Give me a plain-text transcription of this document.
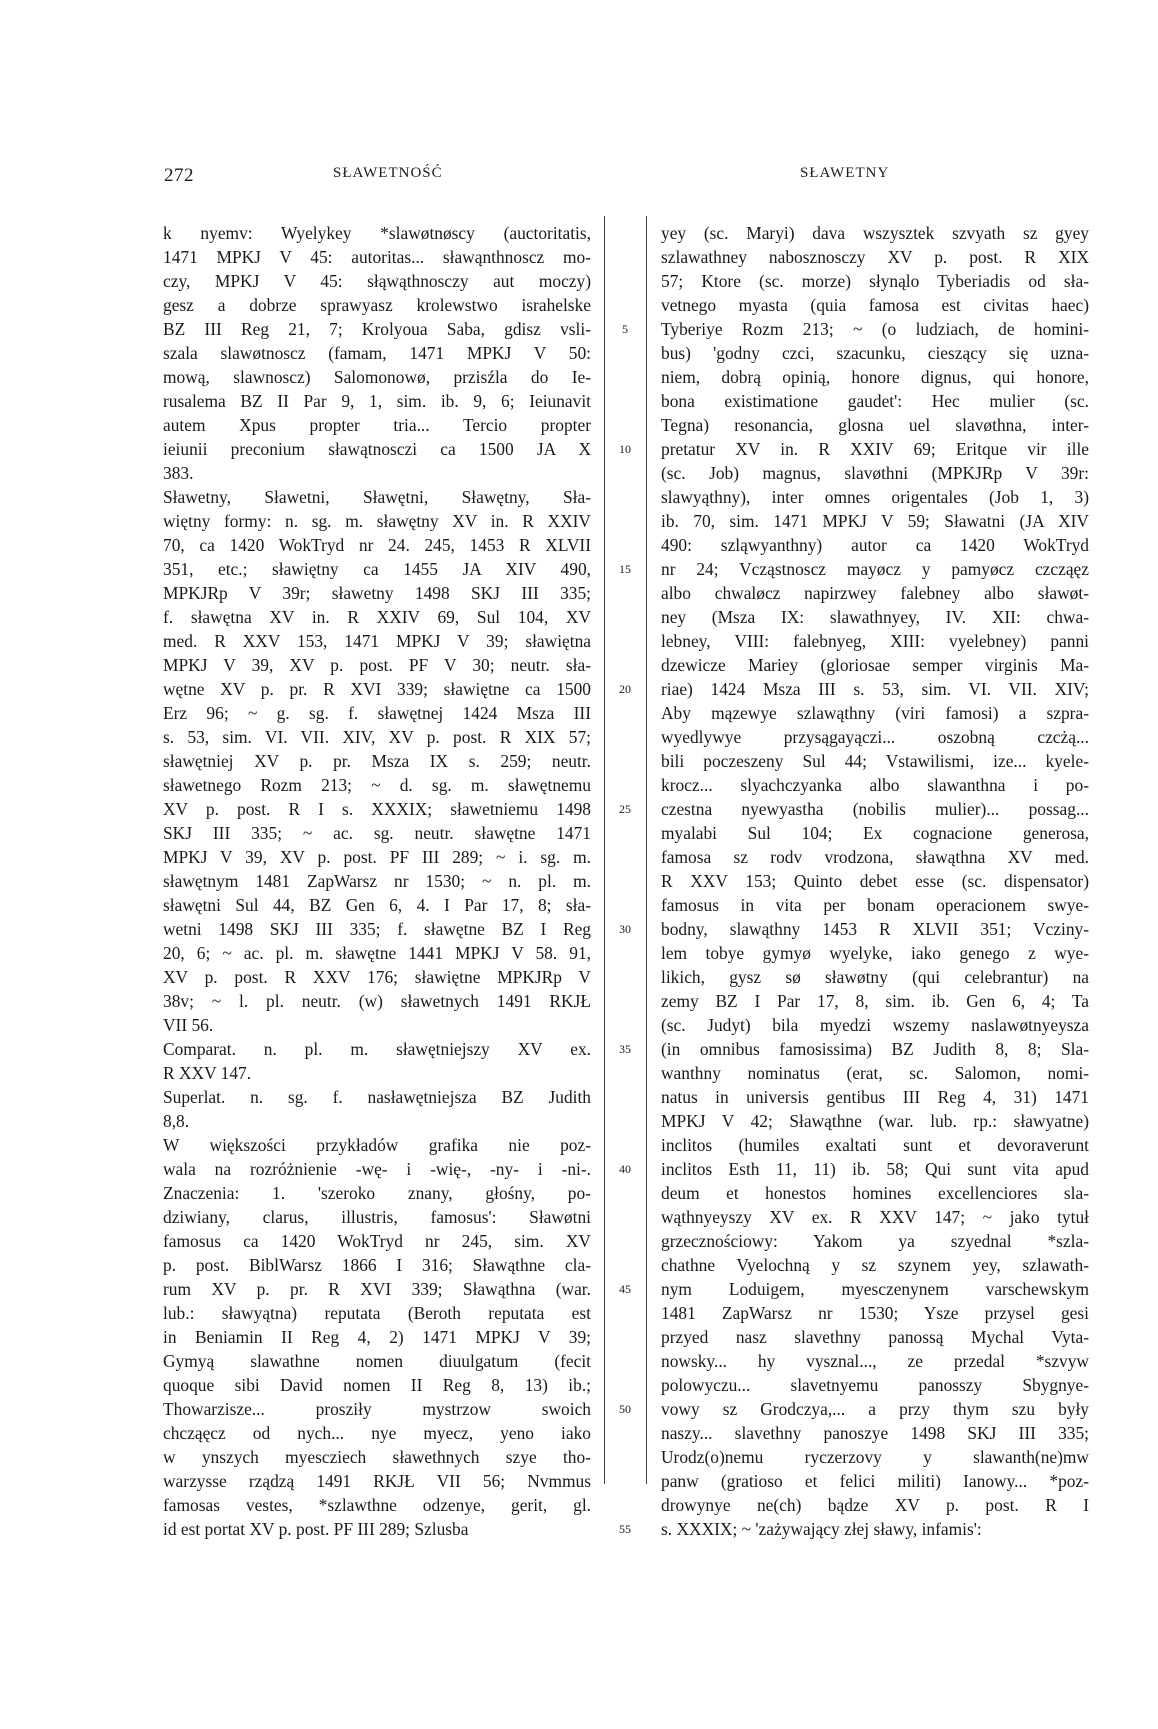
272	SŁAWETNOŚĆ	SŁAWETNY
k nyemv: Wyelykey *slawøtnøscy (auctoritatis,
1471 MPKJ V 45: autoritas... sławąnthnoscz mo-
czy, MPKJ V 45: słąwąthnosczy aut moczy)
gesz a dobrze sprawyasz krolewstwo israhelske
BZ III Reg 21, 7; Krolyoua Saba, gdisz vsli-
szala slawøtnoscz (famam, 1471 MPKJ V 50:
mową, slawnoscz) Salomonowø, przisźla do Ie-
rusalema BZ II Par 9, 1, sim. ib. 9, 6; Ieiunavit
autem Xpus propter tria... Tercio propter
ieiunii preconium sławątnosczi ca 1500 JA X
383.
Sławetny, Sławetni, Sławętni, Sławętny, Sła-
więtny formy: n. sg. m. sławętny XV in. R XXIV
70, ca 1420 WokTryd nr 24. 245, 1453 R XLVII
351, etc.; sławiętny ca 1455 JA XIV 490,
MPKJRp V 39r; sławetny 1498 SKJ III 335;
f. sławętna XV in. R XXIV 69, Sul 104, XV
med. R XXV 153, 1471 MPKJ V 39; sławiętna
MPKJ V 39, XV p. post. PF V 30; neutr. sła-
wętne XV p. pr. R XVI 339; sławiętne ca 1500
Erz 96; ~ g. sg. f. sławętnej 1424 Msza III
s. 53, sim. VI. VII. XIV, XV p. post. R XIX 57;
sławętniej XV p. pr. Msza IX s. 259; neutr.
sławetnego Rozm 213; ~ d. sg. m. sławętnemu
XV p. post. R I s. XXXIX; sławetniemu 1498
SKJ III 335; ~ ac. sg. neutr. sławętne 1471
MPKJ V 39, XV p. post. PF III 289; ~ i. sg. m.
sławętnym 1481 ZapWarsz nr 1530; ~ n. pl. m.
sławętni Sul 44, BZ Gen 6, 4. I Par 17, 8; sła-
wetni 1498 SKJ III 335; f. sławętne BZ I Reg
20, 6; ~ ac. pl. m. sławętne 1441 MPKJ V 58. 91,
XV p. post. R XXV 176; sławiętne MPKJRp V
38v; ~ l. pl. neutr. (w) sławetnych 1491 RKJŁ
VII 56.
Comparat. n. pl. m. sławętniejszy XV ex.
R XXV 147.
Superlat. n. sg. f. nasławętniejsza BZ Judith
8,8.
W większości przykładów grafika nie poz-
wala na rozróżnienie -wę- i -wię-, -ny- i -ni-.
Znaczenia: 1. 'szeroko znany, głośny, po-
dziwiany, clarus, illustris, famosus': Sławøtni
famosus ca 1420 WokTryd nr 245, sim. XV
p. post. BiblWarsz 1866 I 316; Sławąthne cla-
rum XV p. pr. R XVI 339; Sławąthna (war.
lub.: sławyątna) reputata (Beroth reputata est
in Beniamin II Reg 4, 2) 1471 MPKJ V 39;
Gymyą slawathne nomen diuulgatum (fecit
quoque sibi David nomen II Reg 8, 13) ib.;
Thowarzisze... prosziły mystrzow swoich
chcząęcz od nych... nye myecz, yeno iako
w ynszych myescziech sławethnych szye tho-
warzysse rządzą 1491 RKJŁ VII 56; Nvmmus
famosas vestes, *szlawthne odzenye, gerit, gl.
id est portat XV p. post. PF III 289; Szlusba
5
10
15
20
25
30
35
40
45
50
55
yey (sc. Maryi) dava wszysztek szvyath sz gyey
szlawathney nabosznosczy XV p. post. R XIX
57; Ktore (sc. morze) słynąlo Tyberiadis od sła-
vetnego myasta (quia famosa est civitas haec)
Tyberiye Rozm 213; ~ (o ludziach, de homini-
bus) 'godny czci, szacunku, cieszący się uzna-
niem, dobrą opinią, honore dignus, qui honore,
bona existimatione gaudet': Hec mulier (sc.
Tegna) resonancia, glosna uel slavøthna, inter-
pretatur XV in. R XXIV 69; Eritque vir ille
(sc. Job) magnus, slavøthni (MPKJRp V 39r:
slawyąthny), inter omnes origentales (Job 1, 3)
ib. 70, sim. 1471 MPKJ V 59; Sławatni (JA XIV
490: szląwyanthny) autor ca 1420 WokTryd
nr 24; Vcząstnoscz mayøcz y pamyøcz czcząęz
albo chwaløcz napirzwey falebney albo sławøt-
ney (Msza IX: slawathnyey, IV. XII: chwa-
lebney, VIII: falebnyeg, XIII: vyelebney) panni
dzewicze Mariey (gloriosae semper virginis Ma-
riae) 1424 Msza III s. 53, sim. VI. VII. XIV;
Aby mązewye szlawąthny (viri famosi) a szpra-
wyedlywye przysągayączi... oszobną czcżą...
bili poczeszeny Sul 44; Vstawilismi, ize... kyele-
krocz... slyachczyanka albo slawanthna i po-
czestna nyewyastha (nobilis mulier)... possag...
myalabi Sul 104; Ex cognacione generosa,
famosa sz rodv vrodzona, sławąthna XV med.
R XXV 153; Quinto debet esse (sc. dispensator)
famosus in vita per bonam operacionem swye-
bodny, slawąthny 1453 R XLVII 351; Vcziny-
lem tobye gymyø wyelyke, iako genego z wye-
likich, gysz sø sławøtny (qui celebrantur) na
zemy BZ I Par 17, 8, sim. ib. Gen 6, 4; Ta
(sc. Judyt) bila myedzi wszemy naslawøtnyeysza
(in omnibus famosissima) BZ Judith 8, 8; Sla-
wanthny nominatus (erat, sc. Salomon, nomi-
natus in universis gentibus III Reg 4, 31) 1471
MPKJ V 42; Sławąthne (war. lub. rp.: sławyatne)
inclitos (humiles exaltati sunt et devoraverunt
inclitos Esth 11, 11) ib. 58; Qui sunt vita apud
deum et honestos homines excellenciores sla-
wąthnyeyszy XV ex. R XXV 147; ~ jako tytuł
grzecznościowy: Yakom ya szyednal *szla-
chathne Vyelochną y sz szynem yey, szlawath-
nym Loduigem, myesczenynem varschewskym
1481 ZapWarsz nr 1530; Ysze przysel gesi
przyed nasz slavethny panossą Mychal Vyta-
nowsky... hy vysznal..., ze przedal *szvyw
polowyczu... slavetnyemu panosszy Sbygnye-
vowy sz Grodczya,... a przy thym szu były
naszy... slavethny panoszye 1498 SKJ III 335;
Urodz(o)nemu ryczerzovy y slawanth(ne)mw
panw (gratioso et felici militi) Ianowy... *poz-
drowynye ne(ch) bądze XV p. post. R I
s. XXXIX; ~ 'zażywający złej sławy, infamis':
